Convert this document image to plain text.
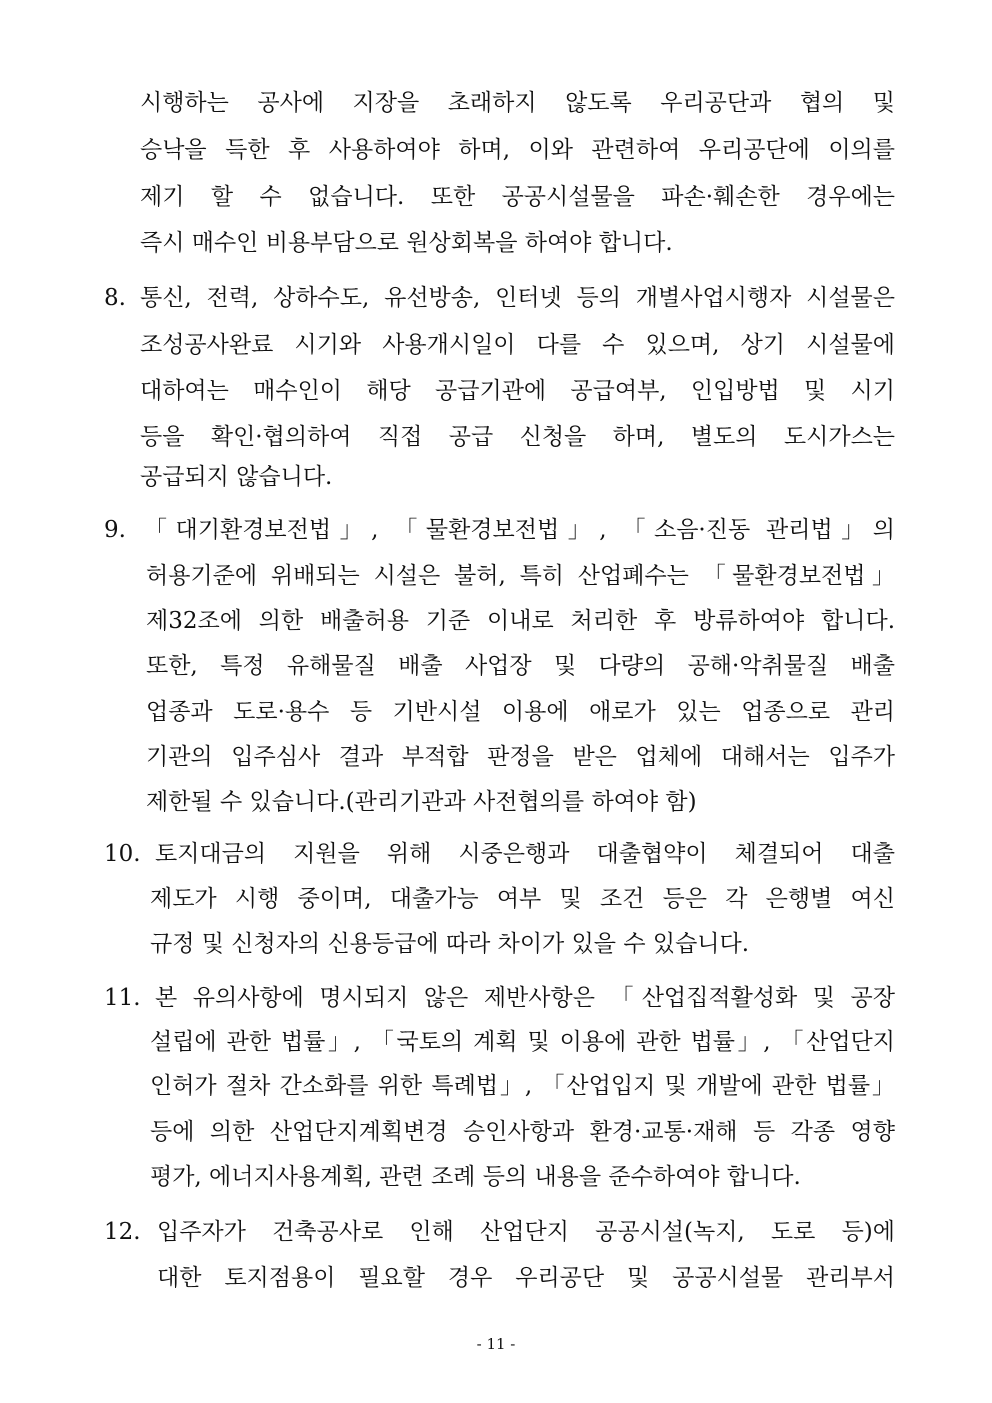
시행하는 공사에 지장을 초래하지 않도록 우리공단과 협의 및
승낙을 득한 후 사용하여야 하며, 이와 관련하여 우리공단에 이의를
제기 할 수 없습니다. 또한 공공시설물을 파손·훼손한 경우에는
즉시 매수인 비용부담으로 원상회복을 하여야 합니다.
8. 통신, 전력, 상하수도, 유선방송, 인터넷 등의 개별사업시행자 시설물은
조성공사완료 시기와 사용개시일이 다를 수 있으며, 상기 시설물에
대하여는 매수인이 해당 공급기관에 공급여부, 인입방법 및 시기
등을 확인·협의하여 직접 공급 신청을 하며, 별도의 도시가스는
공급되지 않습니다.
9. 「대기환경보전법」, 「물환경보전법」, 「소음·진동 관리법」의
허용기준에 위배되는 시설은 불허, 특히 산업폐수는 「물환경보전법」
제32조에 의한 배출허용 기준 이내로 처리한 후 방류하여야 합니다.
또한, 특정 유해물질 배출 사업장 및 다량의 공해·악취물질 배출
업종과 도로·용수 등 기반시설 이용에 애로가 있는 업종으로 관리
기관의 입주심사 결과 부적합 판정을 받은 업체에 대해서는 입주가
제한될 수 있습니다.(관리기관과 사전협의를 하여야 함)
10. 토지대금의 지원을 위해 시중은행과 대출협약이 체결되어 대출
제도가 시행 중이며, 대출가능 여부 및 조건 등은 각 은행별 여신
규정 및 신청자의 신용등급에 따라 차이가 있을 수 있습니다.
11. 본 유의사항에 명시되지 않은 제반사항은 「산업집적활성화 및 공장
설립에 관한 법률」, 「국토의 계획 및 이용에 관한 법률」, 「산업단지
인허가 절차 간소화를 위한 특례법」, 「산업입지 및 개발에 관한 법률」
등에 의한 산업단지계획변경 승인사항과 환경·교통·재해 등 각종 영향
평가, 에너지사용계획, 관련 조례 등의 내용을 준수하여야 합니다.
12. 입주자가 건축공사로 인해 산업단지 공공시설(녹지, 도로 등)에
대한 토지점용이 필요할 경우 우리공단 및 공공시설물 관리부서
- 11 -
